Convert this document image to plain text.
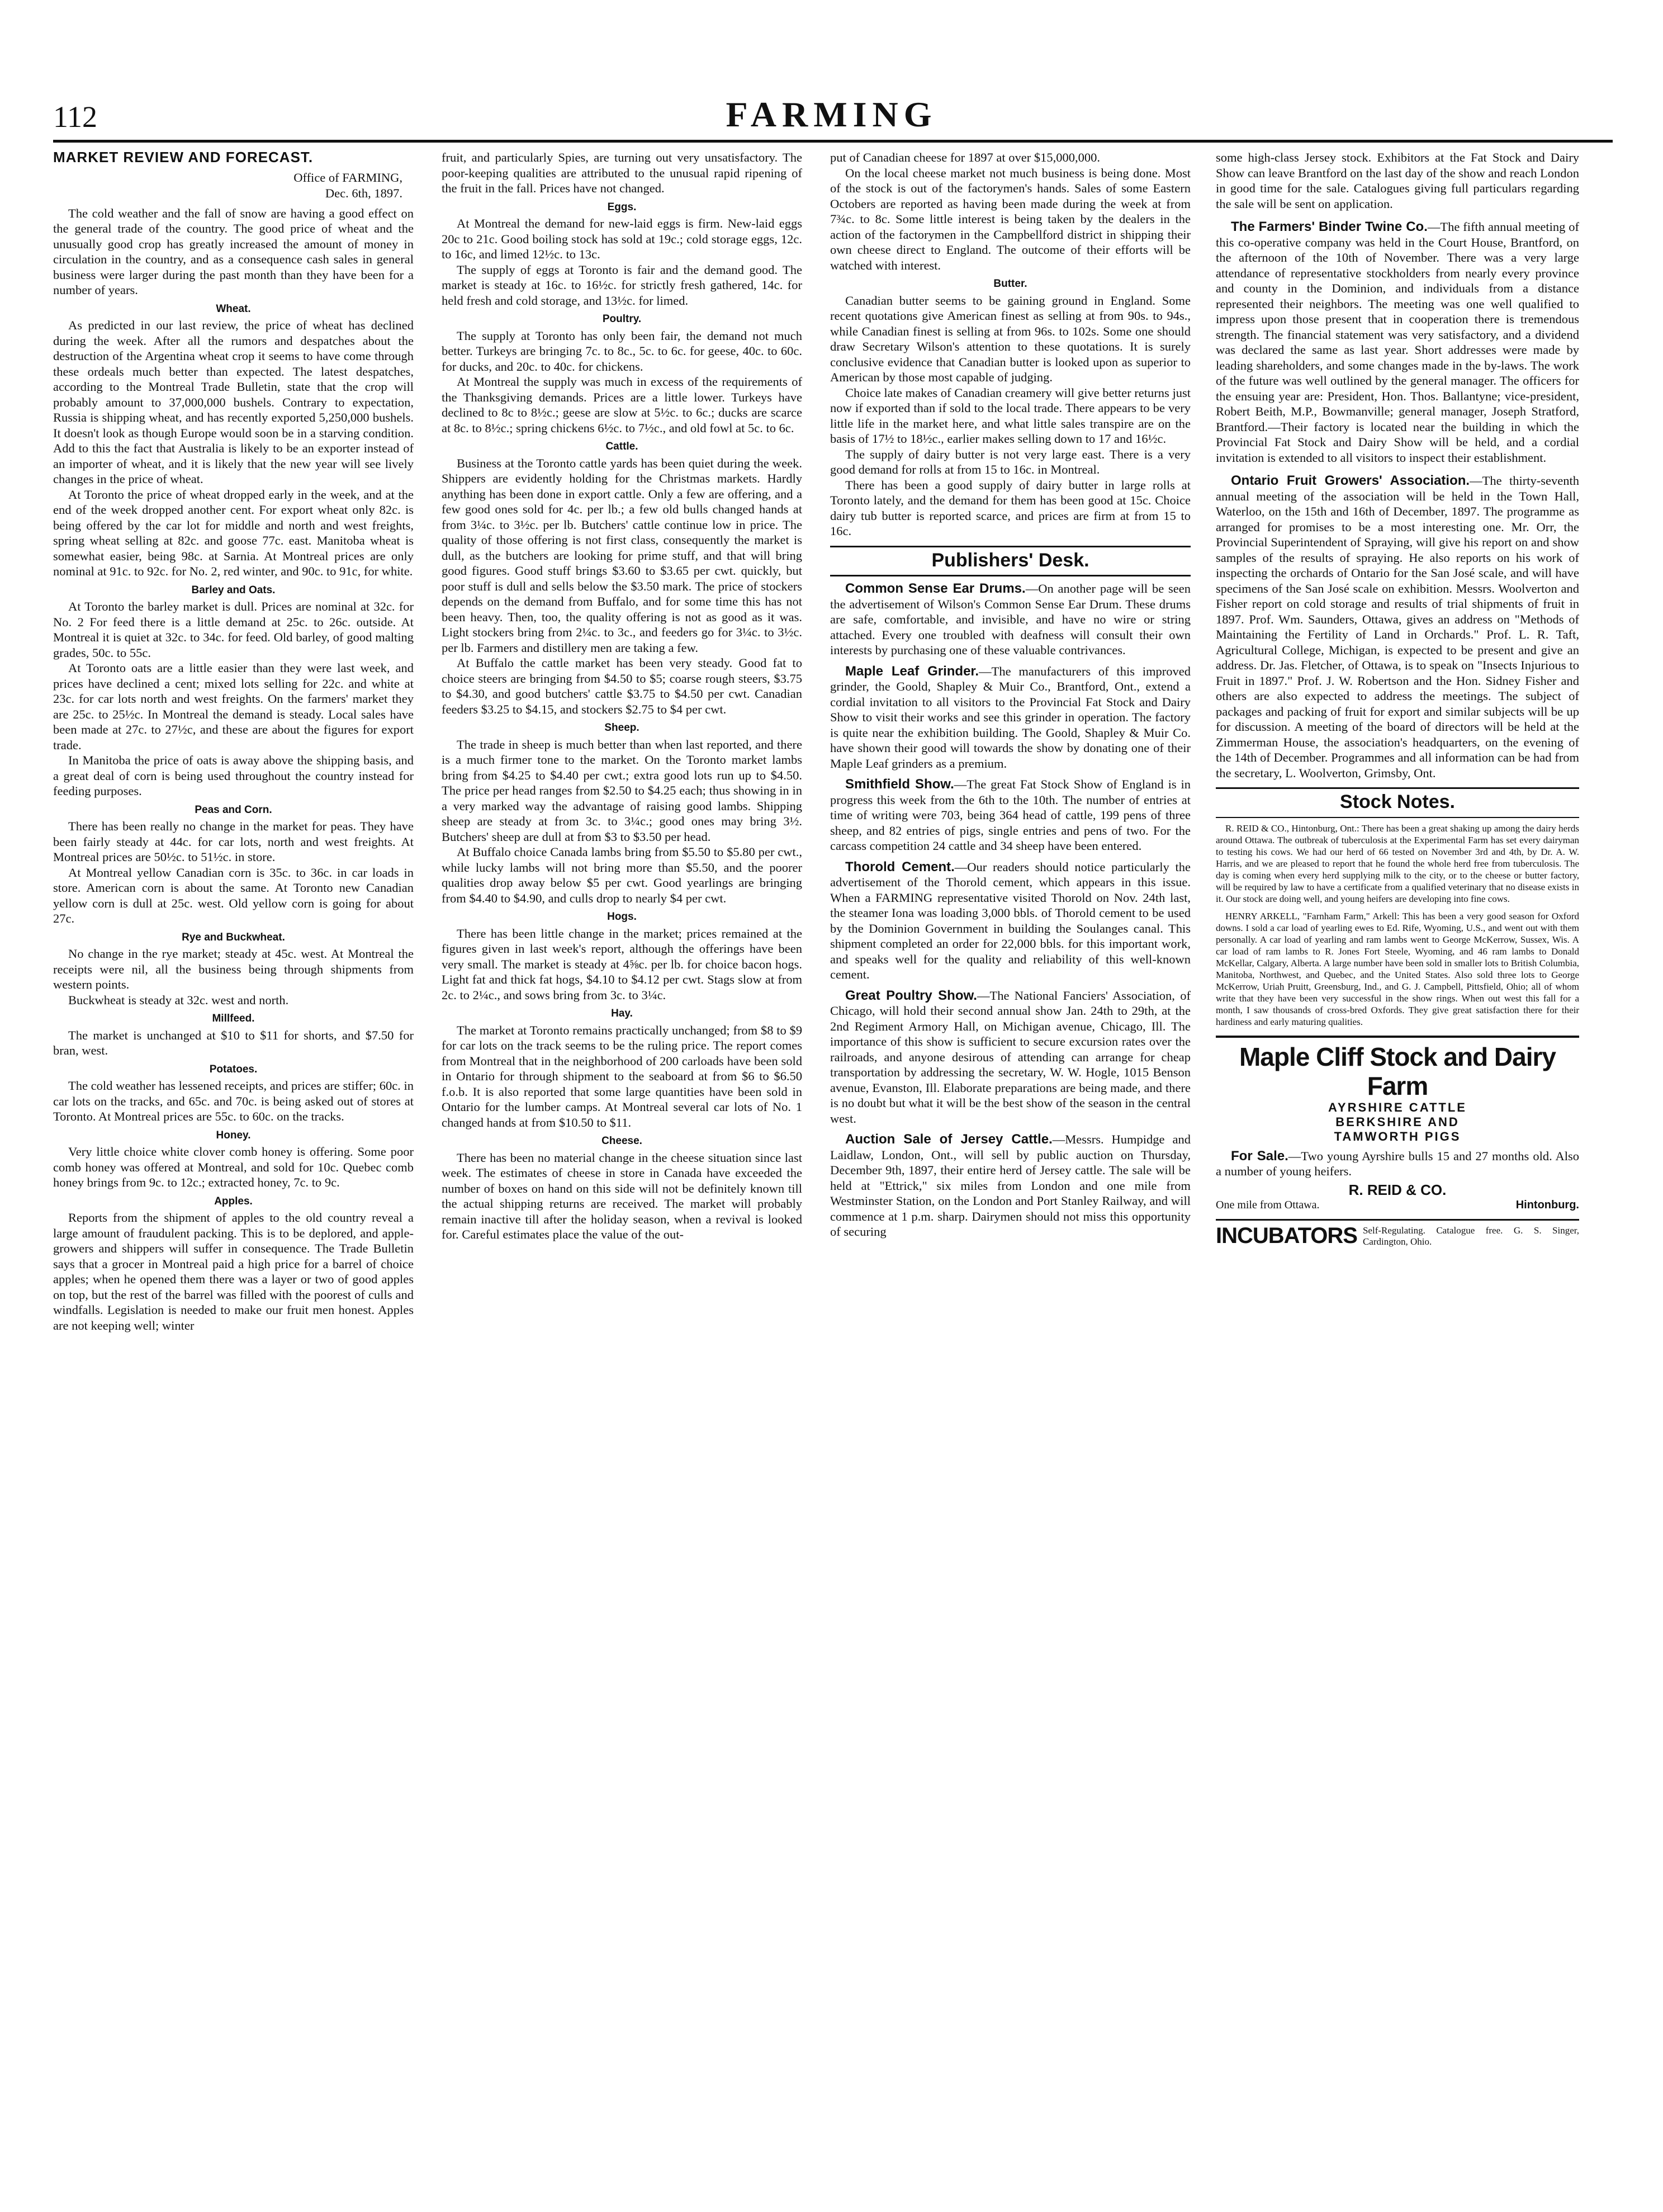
112	FARMING
MARKET REVIEW AND FORECAST.
Office of FARMING,
Dec. 6th, 1897.

The cold weather and the fall of snow are having a good effect on the general trade of the country. The good price of wheat and the unusually good crop has greatly increased the amount of money in circulation in the country, and as a consequence cash sales in general business were larger during the past month than they have been for a number of years.

Wheat.

As predicted in our last review, the price of wheat has declined during the week. After all the rumors and despatches about the destruction of the Argentina wheat crop it seems to have come through these ordeals much better than expected. The latest despatches, according to the Montreal Trade Bulletin, state that the crop will probably amount to 37,000,000 bushels. Contrary to expectation, Russia is shipping wheat, and has recently exported 5,250,000 bushels. It doesn't look as though Europe would soon be in a starving condition. Add to this the fact that Australia is likely to be an exporter instead of an importer of wheat, and it is likely that the new year will see lively changes in the price of wheat.

At Toronto the price of wheat dropped early in the week, and at the end of the week dropped another cent. For export wheat only 82c. is being offered by the car lot for middle and north and west freights, spring wheat selling at 82c. and goose 77c. east. Manitoba wheat is somewhat easier, being 98c. at Sarnia. At Montreal prices are only nominal at 91c. to 92c. for No. 2, red winter, and 90c. to 91c, for white.

Barley and Oats.

At Toronto the barley market is dull. Prices are nominal at 32c. for No. 2 For feed there is a little demand at 25c. to 26c. outside. At Montreal it is quiet at 32c. to 34c. for feed. Old barley, of good malting grades, 50c. to 55c.

At Toronto oats are a little easier than they were last week, and prices have declined a cent; mixed lots selling for 22c. and white at 23c. for car lots north and west freights. On the farmers' market they are 25c. to 25½c. In Montreal the demand is steady. Local sales have been made at 27c. to 27½c, and these are about the figures for export trade.

In Manitoba the price of oats is away above the shipping basis, and a great deal of corn is being used throughout the country instead for feeding purposes.

Peas and Corn.

There has been really no change in the market for peas. They have been fairly steady at 44c. for car lots, north and west freights. At Montreal prices are 50½c. to 51½c. in store.

At Montreal yellow Canadian corn is 35c. to 36c. in car loads in store. American corn is about the same. At Toronto new Canadian yellow corn is dull at 25c. west. Old yellow corn is going for about 27c.

Rye and Buckwheat.

No change in the rye market; steady at 45c. west. At Montreal the receipts were nil, all the business being through shipments from western points.

Buckwheat is steady at 32c. west and north.

Millfeed.

The market is unchanged at $10 to $11 for shorts, and $7.50 for bran, west.

Potatoes.

The cold weather has lessened receipts, and prices are stiffer; 60c. in car lots on the tracks, and 65c. and 70c. is being asked out of stores at Toronto. At Montreal prices are 55c. to 60c. on the tracks.

Honey.

Very little choice white clover comb honey is offering. Some poor comb honey was offered at Montreal, and sold for 10c. Quebec comb honey brings from 9c. to 12c.; extracted honey, 7c. to 9c.

Apples.

Reports from the shipment of apples to the old country reveal a large amount of fraudulent packing. This is to be deplored, and apple-growers and shippers will suffer in consequence. The Trade Bulletin says that a grocer in Montreal paid a high price for a barrel of choice apples; when he opened them there was a layer or two of good apples on top, but the rest of the barrel was filled with the poorest of culls and windfalls. Legislation is needed to make our fruit men honest. Apples are not keeping well; winter

fruit, and particularly Spies, are turning out very unsatisfactory. The poor-keeping qualities are attributed to the unusual rapid ripening of the fruit in the fall. Prices have not changed.

Eggs.

At Montreal the demand for new-laid eggs is firm. New-laid eggs 20c to 21c. Good boiling stock has sold at 19c.; cold storage eggs, 12c. to 16c, and limed 12½c. to 13c.

The supply of eggs at Toronto is fair and the demand good. The market is steady at 16c. to 16½c. for strictly fresh gathered, 14c. for held fresh and cold storage, and 13½c. for limed.

Poultry.

The supply at Toronto has only been fair, the demand not much better. Turkeys are bringing 7c. to 8c., 5c. to 6c. for geese, 40c. to 60c. for ducks, and 20c. to 40c. for chickens.

At Montreal the supply was much in excess of the requirements of the Thanksgiving demands. Prices are a little lower. Turkeys have declined to 8c to 8½c.; geese are slow at 5½c. to 6c.; ducks are scarce at 8c. to 8½c.; spring chickens 6½c. to 7½c., and old fowl at 5c. to 6c.

Cattle.

Business at the Toronto cattle yards has been quiet during the week. Shippers are evidently holding for the Christmas markets. Hardly anything has been done in export cattle. Only a few are offering, and a few good ones sold for 4c. per lb.; a few old bulls changed hands at from 3¼c. to 3½c. per lb. Butchers' cattle continue low in price. The quality of those offering is not first class, consequently the market is dull, as the butchers are looking for prime stuff, and that will bring good figures. Good stuff brings $3.60 to $3.65 per cwt. quickly, but poor stuff is dull and sells below the $3.50 mark. The price of stockers depends on the demand from Buffalo, and for some time this has not been heavy. Then, too, the quality offering is not as good as it was. Light stockers bring from 2¼c. to 3c., and feeders go for 3¼c. to 3½c. per lb. Farmers and distillery men are taking a few.

At Buffalo the cattle market has been very steady. Good fat to choice steers are bringing from $4.50 to $5; coarse rough steers, $3.75 to $4.30, and good butchers' cattle $3.75 to $4.50 per cwt. Canadian feeders $3.25 to $4.15, and stockers $2.75 to $4 per cwt.

Sheep.

The trade in sheep is much better than when last reported, and there is a much firmer tone to the market. On the Toronto market lambs bring from $4.25 to $4.40 per cwt.; extra good lots run up to $4.50. The price per head ranges from $2.50 to $4.25 each; thus showing in in a very marked way the advantage of raising good lambs. Shipping sheep are steady at from 3c. to 3¼c.; good ones may bring 3½. Butchers' sheep are dull at from $3 to $3.50 per head.

At Buffalo choice Canada lambs bring from $5.50 to $5.80 per cwt., while lucky lambs will not bring more than $5.50, and the poorer qualities drop away below $5 per cwt. Good yearlings are bringing from $4.40 to $4.90, and culls drop to nearly $4 per cwt.

Hogs.

There has been little change in the market; prices remained at the figures given in last week's report, although the offerings have been very small. The market is steady at 4⅝c. per lb. for choice bacon hogs. Light fat and thick fat hogs, $4.10 to $4.12 per cwt. Stags slow at from 2c. to 2¼c., and sows bring from 3c. to 3¼c.

Hay.

The market at Toronto remains practically unchanged; from $8 to $9 for car lots on the track seems to be the ruling price. The report comes from Montreal that in the neighborhood of 200 carloads have been sold in Ontario for through shipment to the seaboard at from $6 to $6.50 f.o.b. It is also reported that some large quantities have been sold in Ontario for the lumber camps. At Montreal several car lots of No. 1 changed hands at from $10.50 to $11.

Cheese.

There has been no material change in the cheese situation since last week. The estimates of cheese in store in Canada have exceeded the number of boxes on hand on this side will not be definitely known till the actual shipping returns are received. The market will probably remain inactive till after the holiday season, when a revival is looked for. Careful estimates place the value of the out-

put of Canadian cheese for 1897 at over $15,000,000.

On the local cheese market not much business is being done. Most of the stock is out of the factorymen's hands. Sales of some Eastern Octobers are reported as having been made during the week at from 7¾c. to 8c. Some little interest is being taken by the dealers in the action of the factorymen in the Campbellford district in shipping their own cheese direct to England. The outcome of their efforts will be watched with interest.

Butter.

Canadian butter seems to be gaining ground in England. Some recent quotations give American finest as selling at from 90s. to 94s., while Canadian finest is selling at from 96s. to 102s. Some one should draw Secretary Wilson's attention to these quotations. It is surely conclusive evidence that Canadian butter is looked upon as superior to American by those most capable of judging.

Choice late makes of Canadian creamery will give better returns just now if exported than if sold to the local trade. There appears to be very little life in the market here, and what little sales transpire are on the basis of 17½ to 18½c., earlier makes selling down to 17 and 16½c.

The supply of dairy butter is not very large east. There is a very good demand for rolls at from 15 to 16c. in Montreal.

There has been a good supply of dairy butter in large rolls at Toronto lately, and the demand for them has been good at 15c. Choice dairy tub butter is reported scarce, and prices are firm at from 15 to 16c.

Publishers' Desk.

Common Sense Ear Drums.—On another page will be seen the advertisement of Wilson's Common Sense Ear Drum. These drums are safe, comfortable, and invisible, and have no wire or string attached. Every one troubled with deafness will consult their own interests by purchasing one of these valuable contrivances.

Maple Leaf Grinder.—The manufacturers of this improved grinder, the Goold, Shapley & Muir Co., Brantford, Ont., extend a cordial invitation to all visitors to the Provincial Fat Stock and Dairy Show to visit their works and see this grinder in operation. The factory is quite near the exhibition building. The Goold, Shapley & Muir Co. have shown their good will towards the show by donating one of their Maple Leaf grinders as a premium.

Smithfield Show.—The great Fat Stock Show of England is in progress this week from the 6th to the 10th. The number of entries at time of writing were 703, being 364 head of cattle, 199 pens of three sheep, and 82 entries of pigs, single entries and pens of two. For the carcass competition 24 cattle and 34 sheep have been entered.

Thorold Cement.—Our readers should notice particularly the advertisement of the Thorold cement, which appears in this issue. When a FARMING representative visited Thorold on Nov. 24th last, the steamer Iona was loading 3,000 bbls. of Thorold cement to be used by the Dominion Government in building the Soulanges canal. This shipment completed an order for 22,000 bbls. for this important work, and speaks well for the quality and reliability of this well-known cement.

Great Poultry Show.—The National Fanciers' Association, of Chicago, will hold their second annual show Jan. 24th to 29th, at the 2nd Regiment Armory Hall, on Michigan avenue, Chicago, Ill. The importance of this show is sufficient to secure excursion rates over the railroads, and anyone desirous of attending can arrange for cheap transportation by addressing the secretary, W. W. Hogle, 1015 Benson avenue, Evanston, Ill. Elaborate preparations are being made, and there is no doubt but what it will be the best show of the season in the central west.

Auction Sale of Jersey Cattle.—Messrs. Humpidge and Laidlaw, London, Ont., will sell by public auction on Thursday, December 9th, 1897, their entire herd of Jersey cattle. The sale will be held at "Ettrick," six miles from London and one mile from Westminster Station, on the London and Port Stanley Railway, and will commence at 1 p.m. sharp. Dairymen should not miss this opportunity of securing

some high-class Jersey stock. Exhibitors at the Fat Stock and Dairy Show can leave Brantford on the last day of the show and reach London in good time for the sale. Catalogues giving full particulars regarding the sale will be sent on application.

The Farmers' Binder Twine Co.—The fifth annual meeting of this co-operative company was held in the Court House, Brantford, on the afternoon of the 10th of November. There was a very large attendance of representative stockholders from nearly every province and county in the Dominion, and individuals from a distance represented their neighbors. The meeting was one well qualified to impress upon those present that in cooperation there is tremendous strength. The financial statement was very satisfactory, and a dividend was declared the same as last year. Short addresses were made by leading shareholders, and some changes made in the by-laws. The work of the future was well outlined by the general manager. The officers for the ensuing year are: President, Hon. Thos. Ballantyne; vice-president, Robert Beith, M.P., Bowmanville; general manager, Joseph Stratford, Brantford.—Their factory is located near the building in which the Provincial Fat Stock and Dairy Show will be held, and a cordial invitation is extended to all visitors to inspect their establishment.

Ontario Fruit Growers' Association.—The thirty-seventh annual meeting of the association will be held in the Town Hall, Waterloo, on the 15th and 16th of December, 1897. The programme as arranged for promises to be a most interesting one. Mr. Orr, the Provincial Superintendent of Spraying, will give his report on and show samples of the results of spraying. He also reports on his work of inspecting the orchards of Ontario for the San José scale, and will have specimens of the San José scale on exhibition. Messrs. Woolverton and Fisher report on cold storage and results of trial shipments of fruit in 1897. Prof. Wm. Saunders, Ottawa, gives an address on "Methods of Maintaining the Fertility of Land in Orchards." Prof. L. R. Taft, Agricultural College, Michigan, is expected to be present and give an address. Dr. Jas. Fletcher, of Ottawa, is to speak on "Insects Injurious to Fruit in 1897." Prof. J. W. Robertson and the Hon. Sidney Fisher and others are also expected to address the meetings. The subject of packages and packing of fruit for export and similar subjects will be up for discussion. A meeting of the board of directors will be held at the Zimmerman House, the association's headquarters, on the evening of the 14th of December. Programmes and all information can be had from the secretary, L. Woolverton, Grimsby, Ont.

Stock Notes.

R. REID & CO., Hintonburg, Ont.: There has been a great shaking up among the dairy herds around Ottawa. The outbreak of tuberculosis at the Experimental Farm has set every dairyman to testing his cows. We had our herd of 66 tested on November 3rd and 4th, by Dr. A. W. Harris, and we are pleased to report that he found the whole herd free from tuberculosis. The day is coming when every herd supplying milk to the city, or to the cheese or butter factory, will be required by law to have a certificate from a qualified veterinary that no disease exists in it. Our stock are doing well, and young heifers are developing into fine cows.

HENRY ARKELL, "Farnham Farm," Arkell: This has been a very good season for Oxford downs. I sold a car load of yearling ewes to Ed. Rife, Wyoming, U.S., and went out with them personally. A car load of yearling and ram lambs went to George McKerrow, Sussex, Wis. A car load of ram lambs to R. Jones Fort Steele, Wyoming, and 46 ram lambs to Donald McKellar, Calgary, Alberta. A large number have been sold in smaller lots to British Columbia, Manitoba, Northwest, and Quebec, and the United States. Also sold three lots to George McKerrow, Uriah Pruitt, Greensburg, Ind., and G. J. Campbell, Pittsfield, Ohio; all of whom write that they have been very successful in the show rings. When out west this fall for a month, I saw thousands of cross-bred Oxfords. They give great satisfaction there for their hardiness and early maturing qualities.

Maple Cliff Stock and Dairy Farm
AYRSHIRE CATTLE
BERKSHIRE AND
TAMWORTH PIGS

For Sale.—Two young Ayrshire bulls 15 and 27 months old. Also a number of young heifers.

R. REID & CO.
One mile from Ottawa.	Hintonburg.
INCUBATORS Self-Regulating. Catalogue free. G. S. Singer, Cardington, Ohio.
